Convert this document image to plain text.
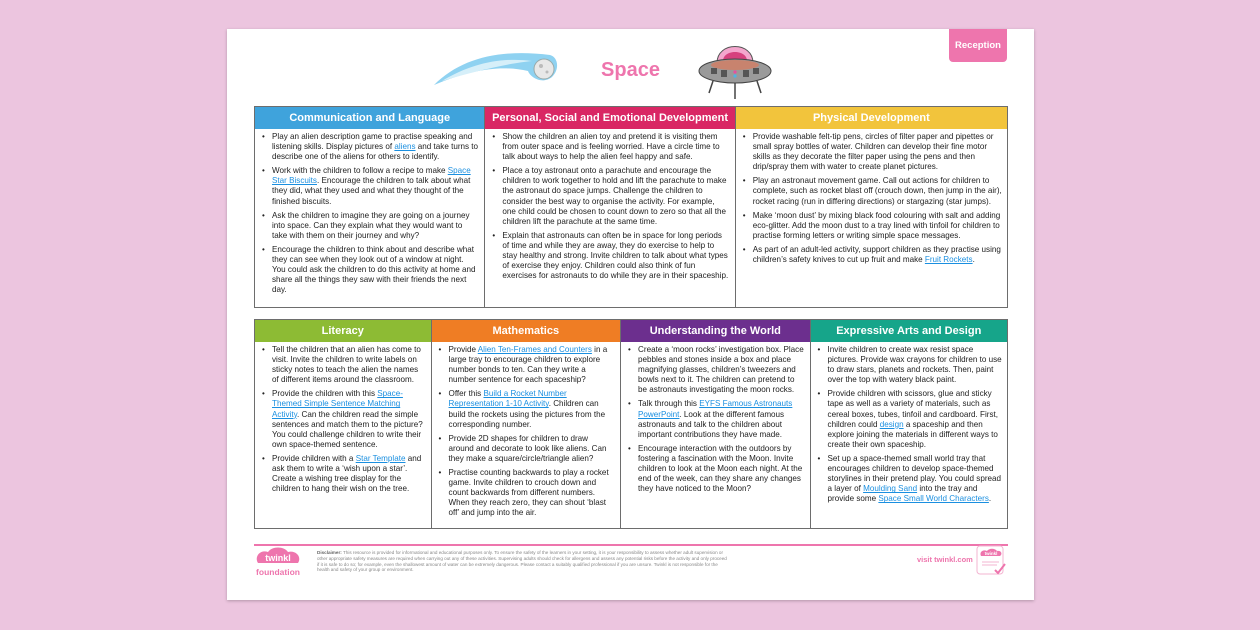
Reception
Space
Communication and Language
• Play an alien description game to practise speaking and listening skills. Display pictures of aliens and take turns to describe one of the aliens for others to identify.
• Work with the children to follow a recipe to make Space Star Biscuits. Encourage the children to talk about what they did, what they used and what they thought of the finished biscuits.
• Ask the children to imagine they are going on a journey into space. Can they explain what they would want to take with them on their journey and why?
• Encourage the children to think about and describe what they can see when they look out of a window at night. You could ask the children to do this activity at home and share all the things they saw with their friends the next day.
Personal, Social and Emotional Development
• Show the children an alien toy and pretend it is visiting them from outer space and is feeling worried. Have a circle time to talk about ways to help the alien feel happy and safe.
• Place a toy astronaut onto a parachute and encourage the children to work together to hold and lift the parachute to make the astronaut do space jumps. Challenge the children to consider the best way to organise the activity. For example, one child could be chosen to count down to zero so that all the children lift the parachute at the same time.
• Explain that astronauts can often be in space for long periods of time and while they are away, they do exercise to help to stay healthy and strong. Invite children to talk about what types of exercise they enjoy. Children could also think of fun exercises for astronauts to do while they are in their spaceship.
Physical Development
• Provide washable felt-tip pens, circles of filter paper and pipettes or small spray bottles of water. Children can develop their fine motor skills as they decorate the filter paper using the pens and then drip/spray them with water to create planet pictures.
• Play an astronaut movement game. Call out actions for children to complete, such as rocket blast off (crouch down, then jump in the air), rocket racing (run in differing directions) or stargazing (star jumps).
• Make ‘moon dust’ by mixing black food colouring with salt and adding eco-glitter. Add the moon dust to a tray lined with tinfoil for children to practise forming letters or writing simple space messages.
• As part of an adult-led activity, support children as they practise using children’s safety knives to cut up fruit and make Fruit Rockets.
Literacy
• Tell the children that an alien has come to visit. Invite the children to write labels on sticky notes to teach the alien the names of different items around the classroom.
• Provide the children with this Space-Themed Simple Sentence Matching Activity. Can the children read the simple sentences and match them to the picture? You could challenge children to write their own space-themed sentence.
• Provide children with a Star Template and ask them to write a ‘wish upon a star’. Create a wishing tree display for the children to hang their wish on the tree.
Mathematics
• Provide Alien Ten-Frames and Counters in a large tray to encourage children to explore number bonds to ten. Can they write a number sentence for each spaceship?
• Offer this Build a Rocket Number Representation 1-10 Activity. Children can build the rockets using the pictures from the corresponding number.
• Provide 2D shapes for children to draw around and decorate to look like aliens. Can they make a square/circle/triangle alien?
• Practise counting backwards to play a rocket game. Invite children to crouch down and count backwards from different numbers. When they reach zero, they can shout ‘blast off’ and jump into the air.
Understanding the World
• Create a ‘moon rocks’ investigation box. Place pebbles and stones inside a box and place magnifying glasses, children’s tweezers and bowls next to it. The children can pretend to be astronauts investigating the moon rocks.
• Talk through this EYFS Famous Astronauts PowerPoint. Look at the different famous astronauts and talk to the children about important contributions they have made.
• Encourage interaction with the outdoors by fostering a fascination with the Moon. Invite children to look at the Moon each night. At the end of the week, can they share any changes they have noticed to the Moon?
Expressive Arts and Design
• Invite children to create wax resist space pictures. Provide wax crayons for children to use to draw stars, planets and rockets. Then, paint over the top with watery black paint.
• Provide children with scissors, glue and sticky tape as well as a variety of materials, such as cereal boxes, tubes, tinfoil and cardboard. First, children could design a spaceship and then explore joining the materials in different ways to create their own spaceship.
• Set up a space-themed small world tray that encourages children to develop space-themed storylines in their pretend play. You could spread a layer of Moulding Sand into the tray and provide some Space Small World Characters.
twinkl
foundation
Disclaimer: This resource is provided for informational and educational purposes only. To ensure the safety of the learners in your setting, it is your responsibility to assess whether adult supervision or other appropriate safety measures are required when carrying out any of these activities. Supervising adults should check for allergens and assess any potential risks before the activity and only proceed if it is safe to do so; for example, even the shallowest amount of water can be extremely dangerous. Please contact a suitably qualified professional if you are unsure. Twinkl is not responsible for the health and safety of your group or environment.
visit twinkl.com
twinkl
